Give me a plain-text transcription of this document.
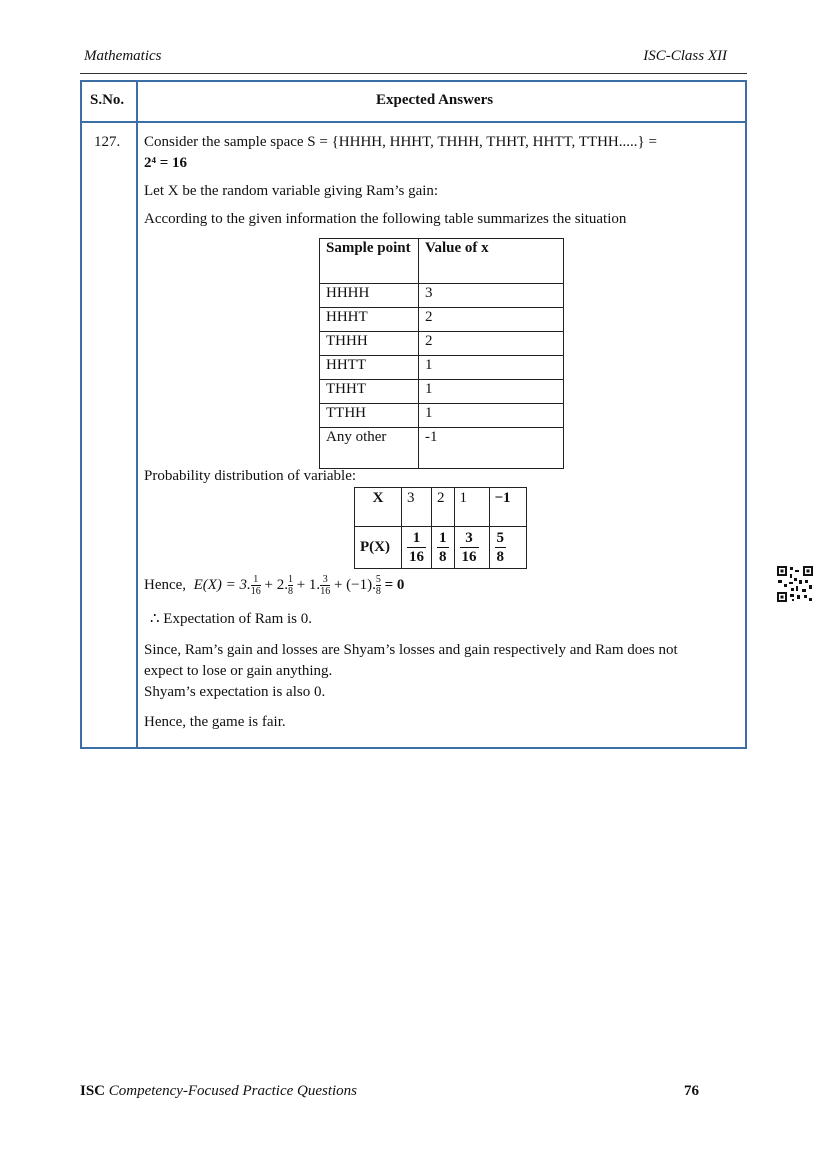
Mathematics	ISC-Class XII
S.No.	Expected Answers
127. Consider the sample space S = {HHHH, HHHT, THHH, THHT, HHTT, TTHH.....} =

2⁴ = 16

Let X be the random variable giving Ram’s gain:

According to the given information the following table summarizes the situation

Sample point	Value of x
HHHH	3
HHHT	2
THHH	2
HHTT	1
THHT	1
TTHH	1
Any other	-1

Probability distribution of variable:

X	3	2	1	−1
P(X)	$\frac{1}{16}$	$\frac{1}{8}$	$\frac{3}{16}$	$\frac{5}{8}$

Hence, E(X) = 3. $\frac{1}{16} + 2$. $\frac{1}{8} + 1$. $\frac{3}{16} + (-1)$. $\frac{5}{8} = 0$

∴ Expectation of Ram is 0.

Since, Ram’s gain and losses are Shyam’s losses and gain respectively and Ram does not

expect to lose or gain anything.

Shyam’s expectation is also 0.

Hence, the game is fair.

ISC Competency-Focused Practice Questions	76
